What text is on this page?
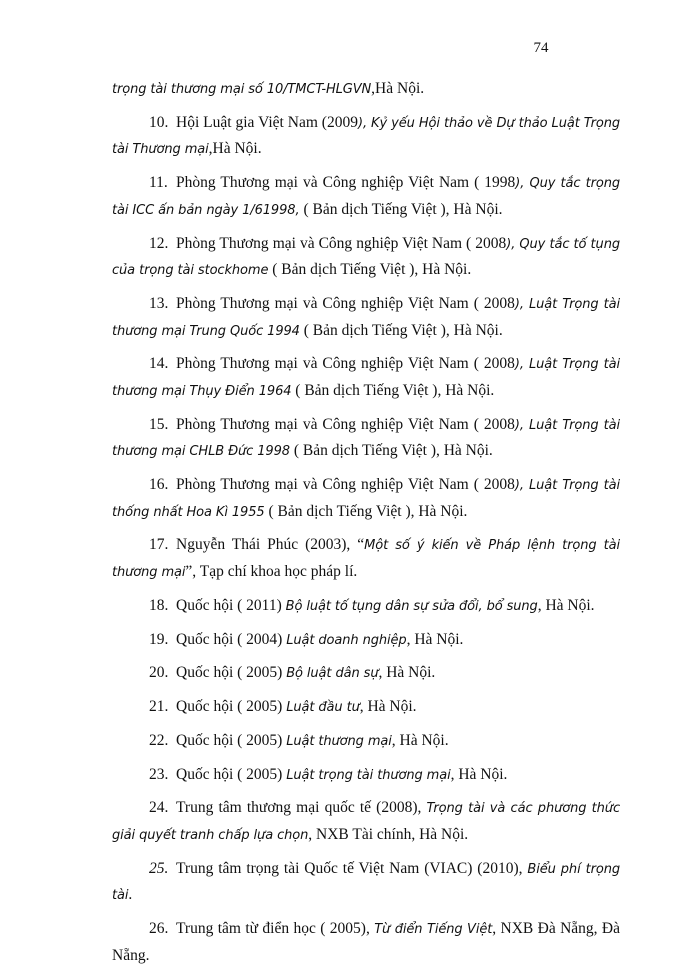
74

trọng tài thương mại số 10/TMCT-HLGVN,Hà Nội.

10. Hội Luật gia Việt Nam (2009), Kỷ yếu Hội thảo về Dự thảo Luật Trọng tài Thương mại,Hà Nội.

11. Phòng Thương mại và Công nghiệp Việt Nam ( 1998), Quy tắc trọng tài ICC ấn bản ngày 1/61998, ( Bản dịch Tiếng Việt ), Hà Nội.

12. Phòng Thương mại và Công nghiệp Việt Nam ( 2008), Quy tắc tố tụng của trọng tài stockhome ( Bản dịch Tiếng Việt ), Hà Nội.

13. Phòng Thương mại và Công nghiệp Việt Nam ( 2008), Luật Trọng tài thương mại Trung Quốc 1994 ( Bản dịch Tiếng Việt ), Hà Nội.

14. Phòng Thương mại và Công nghiệp Việt Nam ( 2008), Luật Trọng tài thương mại Thụy Điển 1964 ( Bản dịch Tiếng Việt ), Hà Nội.

15. Phòng Thương mại và Công nghiệp Việt Nam ( 2008), Luật Trọng tài thương mại CHLB Đức 1998 ( Bản dịch Tiếng Việt ), Hà Nội.

16. Phòng Thương mại và Công nghiệp Việt Nam ( 2008), Luật Trọng tài thống nhất Hoa Kì 1955 ( Bản dịch Tiếng Việt ), Hà Nội.

17. Nguyễn Thái Phúc (2003), “Một số ý kiến về Pháp lệnh trọng tài thương mại”, Tạp chí khoa học pháp lí.

18. Quốc hội ( 2011) Bộ luật tố tụng dân sự sửa đổi, bổ sung, Hà Nội.

19. Quốc hội ( 2004) Luật doanh nghiệp, Hà Nội.

20. Quốc hội ( 2005) Bộ luật dân sự, Hà Nội.

21. Quốc hội ( 2005) Luật đầu tư, Hà Nội.

22. Quốc hội ( 2005) Luật thương mại, Hà Nội.

23. Quốc hội ( 2005) Luật trọng tài thương mại, Hà Nội.

24. Trung tâm thương mại quốc tế (2008), Trọng tài và các phương thức giải quyết tranh chấp lựa chọn, NXB Tài chính, Hà Nội.

25. Trung tâm trọng tài Quốc tế Việt Nam (VIAC) (2010), Biểu phí trọng tài.

26. Trung tâm từ điển học ( 2005), Từ điển Tiếng Việt, NXB Đà Nẵng, Đà Nẵng.
